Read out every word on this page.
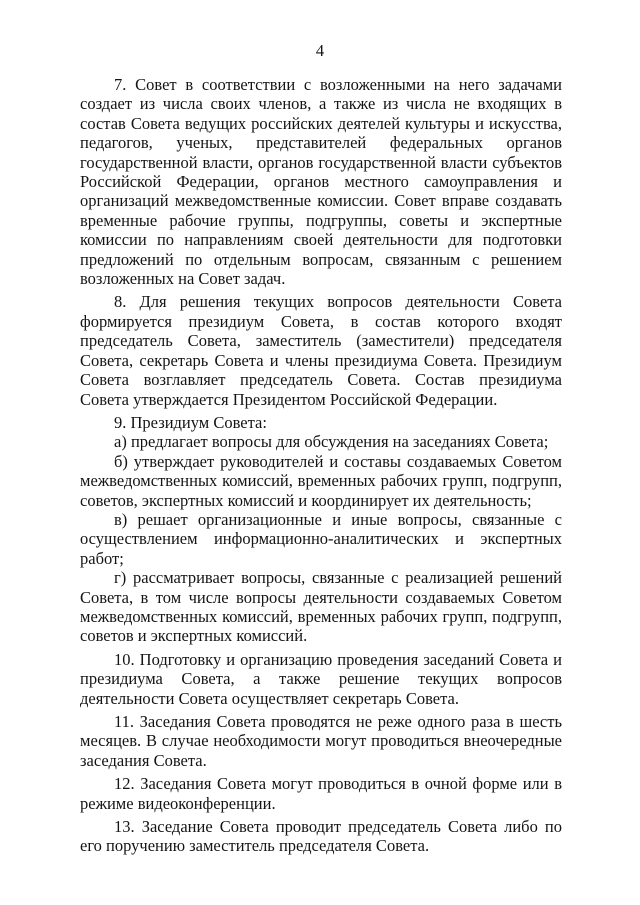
4

7. Совет в соответствии с возложенными на него задачами создает из числа своих членов, а также из числа не входящих в состав Совета ведущих российских деятелей культуры и искусства, педагогов, ученых, представителей федеральных органов государственной власти, органов государственной власти субъектов Российской Федерации, органов местного самоуправления и организаций межведомственные комиссии. Совет вправе создавать временные рабочие группы, подгруппы, советы и экспертные комиссии по направлениям своей деятельности для подготовки предложений по отдельным вопросам, связанным с решением возложенных на Совет задач.

8. Для решения текущих вопросов деятельности Совета формируется президиум Совета, в состав которого входят председатель Совета, заместитель (заместители) председателя Совета, секретарь Совета и члены президиума Совета. Президиум Совета возглавляет председатель Совета. Состав президиума Совета утверждается Президентом Российской Федерации.

9. Президиум Совета:

а) предлагает вопросы для обсуждения на заседаниях Совета;

б) утверждает руководителей и составы создаваемых Советом межведомственных комиссий, временных рабочих групп, подгрупп, советов, экспертных комиссий и координирует их деятельность;

в) решает организационные и иные вопросы, связанные с осуществлением информационно-аналитических и экспертных работ;

г) рассматривает вопросы, связанные с реализацией решений Совета, в том числе вопросы деятельности создаваемых Советом межведомственных комиссий, временных рабочих групп, подгрупп, советов и экспертных комиссий.

10. Подготовку и организацию проведения заседаний Совета и президиума Совета, а также решение текущих вопросов деятельности Совета осуществляет секретарь Совета.

11. Заседания Совета проводятся не реже одного раза в шесть месяцев. В случае необходимости могут проводиться внеочередные заседания Совета.

12. Заседания Совета могут проводиться в очной форме или в режиме видеоконференции.

13. Заседание Совета проводит председатель Совета либо по его поручению заместитель председателя Совета.
